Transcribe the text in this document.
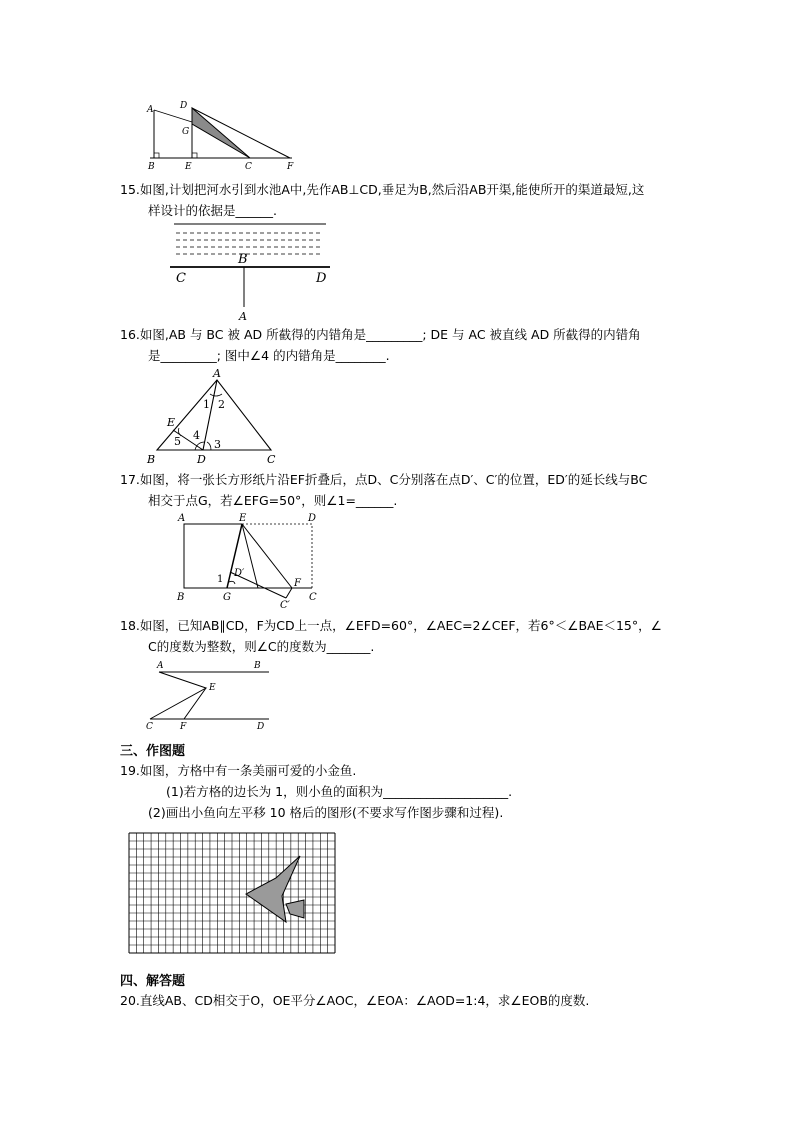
A	D
G
B	E	C	F
15.如图,计划把河水引到水池A中,先作AB⊥CD,垂足为B,然后沿AB开渠,能使所开的渠道最短,这
样设计的依据是______.
B
C	D
A
16.如图,AB 与 BC 被 AD 所截得的内错角是_________; DE 与 AC 被直线 AD 所截得的内错角
是_________; 图中∠4 的内错角是________.
A
B	C
D
E
1 2
3
4
5
17.如图，将一张长方形纸片沿EF折叠后，点D、C分别落在点D′、C′的位置，ED′的延长线与BC
相交于点G，若∠EFG=50°，则∠1=______.
A	E	D
D′
1	F
B	G
C′
C
18.如图，已知AB∥CD，F为CD上一点，∠EFD=60°，∠AEC=2∠CEF，若6°＜∠BAE＜15°，∠
C的度数为整数，则∠C的度数为_______.
A	B
E
C	F	D
三、作图题
19.如图，方格中有一条美丽可爱的小金鱼.
(1)若方格的边长为 1，则小鱼的面积为____________________.
(2)画出小鱼向左平移 10 格后的图形(不要求写作图步骤和过程).
四、解答题
20.直线AB、CD相交于O，OE平分∠AOC，∠EOA：∠AOD=1:4，求∠EOB的度数.
